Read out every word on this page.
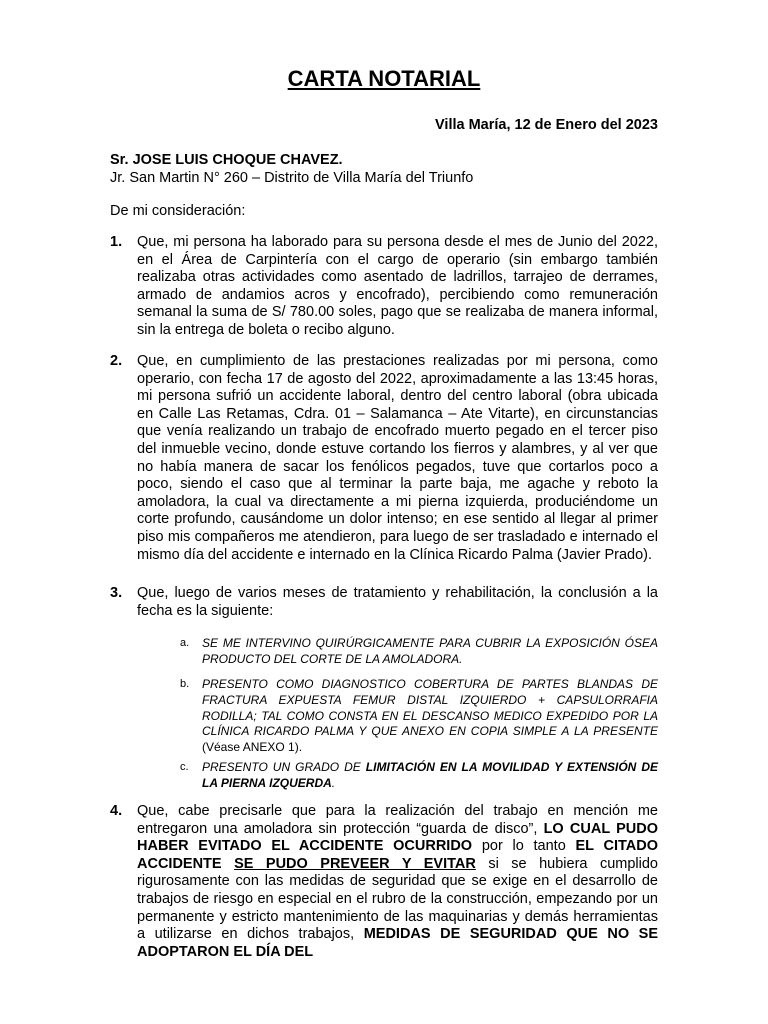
CARTA NOTARIAL
Villa María, 12 de Enero del 2023
Sr. JOSE LUIS CHOQUE CHAVEZ.
Jr. San Martin N° 260 – Distrito de Villa María del Triunfo
De mi consideración:
1.	Que, mi persona ha laborado para su persona desde el mes de Junio del 2022, en el Área de Carpintería con el cargo de operario (sin embargo también realizaba otras actividades como asentado de ladrillos, tarrajeo de derrames, armado de andamios acros y encofrado), percibiendo como remuneración semanal la suma de S/ 780.00 soles, pago que se realizaba de manera informal, sin la entrega de boleta o recibo alguno.
2.	Que, en cumplimiento de las prestaciones realizadas por mi persona, como operario, con fecha 17 de agosto del 2022, aproximadamente a las 13:45 horas, mi persona sufrió un accidente laboral, dentro del centro laboral (obra ubicada en Calle Las Retamas, Cdra. 01 – Salamanca – Ate Vitarte), en circunstancias que venía realizando un trabajo de encofrado muerto pegado en el tercer piso del inmueble vecino, donde estuve cortando los fierros y alambres, y al ver que no había manera de sacar los fenólicos pegados, tuve que cortarlos poco a poco, siendo el caso que al terminar la parte baja, me agache y reboto la amoladora, la cual va directamente a mi pierna izquierda, produciéndome un corte profundo, causándome un dolor intenso; en ese sentido al llegar al primer piso mis compañeros me atendieron, para luego de ser trasladado e internado el mismo día del accidente e internado en la Clínica Ricardo Palma (Javier Prado).
3.	Que, luego de varios meses de tratamiento y rehabilitación, la conclusión a la fecha es la siguiente:
a.	SE ME INTERVINO QUIRÚRGICAMENTE PARA CUBRIR LA EXPOSICIÓN ÓSEA PRODUCTO DEL CORTE DE LA AMOLADORA.
b.	PRESENTO COMO DIAGNOSTICO COBERTURA DE PARTES BLANDAS DE FRACTURA EXPUESTA FEMUR DISTAL IZQUIERDO + CAPSULORRAFIA RODILLA; TAL COMO CONSTA EN EL DESCANSO MEDICO EXPEDIDO POR LA CLÍNICA RICARDO PALMA Y QUE ANEXO EN COPIA SIMPLE A LA PRESENTE (Véase ANEXO 1).
c.	PRESENTO UN GRADO DE LIMITACIÓN EN LA MOVILIDAD Y EXTENSIÓN DE LA PIERNA IZQUERDA.
4.	Que, cabe precisarle que para la realización del trabajo en mención me entregaron una amoladora sin protección “guarda de disco”, LO CUAL PUDO HABER EVITADO EL ACCIDENTE OCURRIDO por lo tanto EL CITADO ACCIDENTE SE PUDO PREVEER Y EVITAR si se hubiera cumplido rigurosamente con las medidas de seguridad que se exige en el desarrollo de trabajos de riesgo en especial en el rubro de la construcción, empezando por un permanente y estricto mantenimiento de las maquinarias y demás herramientas a utilizarse en dichos trabajos, MEDIDAS DE SEGURIDAD QUE NO SE ADOPTARON EL DÍA DEL
